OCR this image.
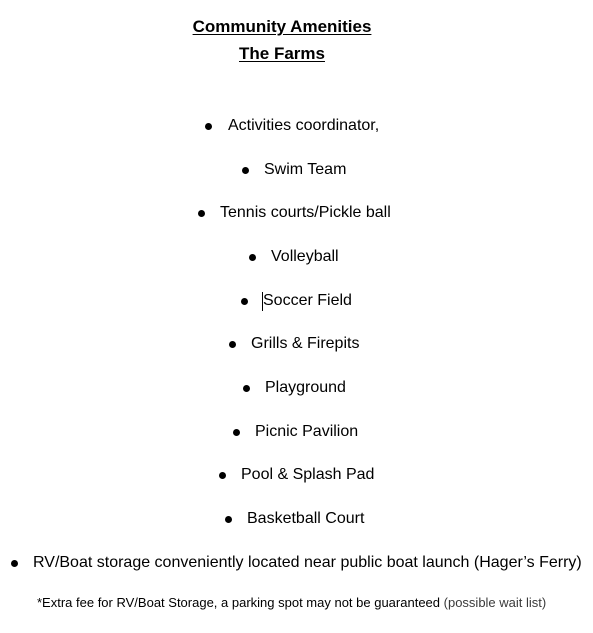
Community Amenities
The Farms
Activities coordinator,
Swim Team
Tennis courts/Pickle ball
Volleyball
Soccer Field
Grills & Firepits
Playground
Picnic Pavilion
Pool & Splash Pad
Basketball Court
RV/Boat storage conveniently located near public boat launch (Hager’s Ferry)
*Extra fee for RV/Boat Storage, a parking spot may not be guaranteed (possible wait list)
